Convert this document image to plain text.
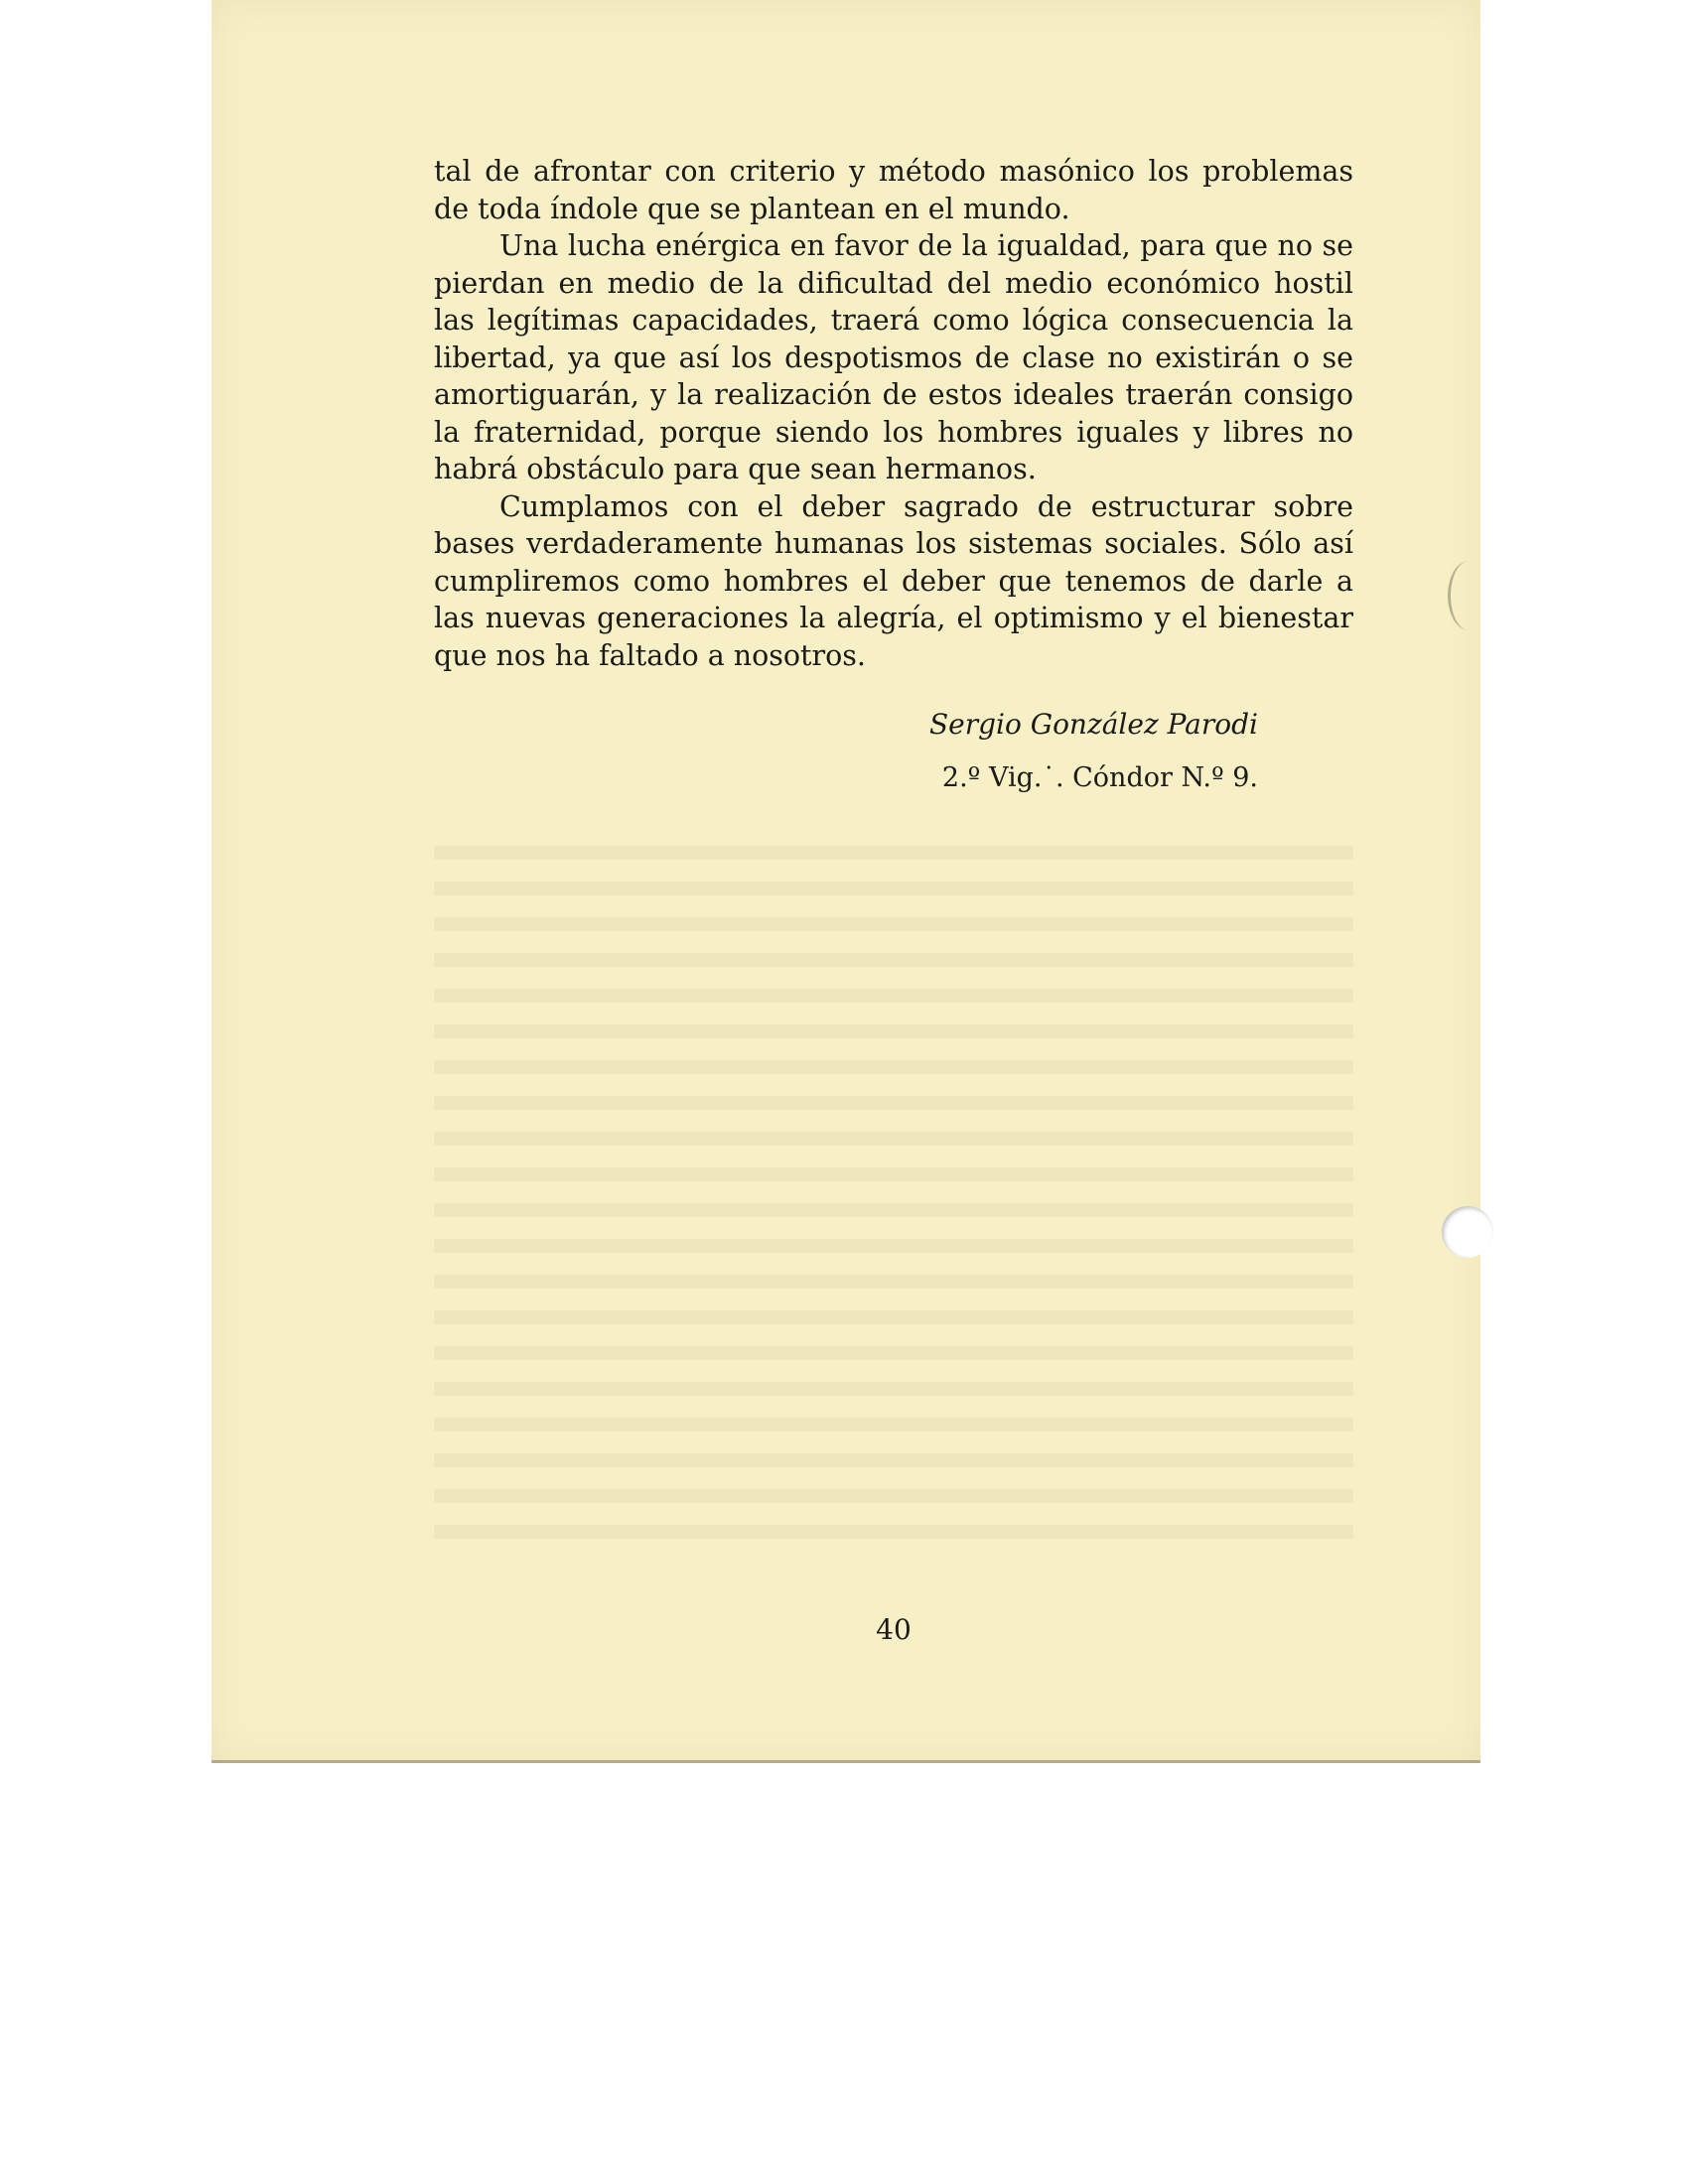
tal de afrontar con criterio y método masónico los problemas de toda índole que se plantean en el mundo.

Una lucha enérgica en favor de la igualdad, para que no se pierdan en medio de la dificultad del medio económico hostil las legítimas capacidades, traerá como lógica consecuencia la libertad, ya que así los despotismos de clase no existirán o se amortiguarán, y la realización de estos ideales traerán consigo la fraternidad, porque siendo los hombres iguales y libres no habrá obstáculo para que sean hermanos.

Cumplamos con el deber sagrado de estructurar sobre bases verdaderamente humanas los sistemas sociales. Sólo así cumpliremos como hombres el deber que tenemos de darle a las nuevas generaciones la alegría, el optimismo y el bienestar que nos ha faltado a nosotros.

Sergio González Parodi
2.º Vig.˙. Cóndor N.º 9.
40
